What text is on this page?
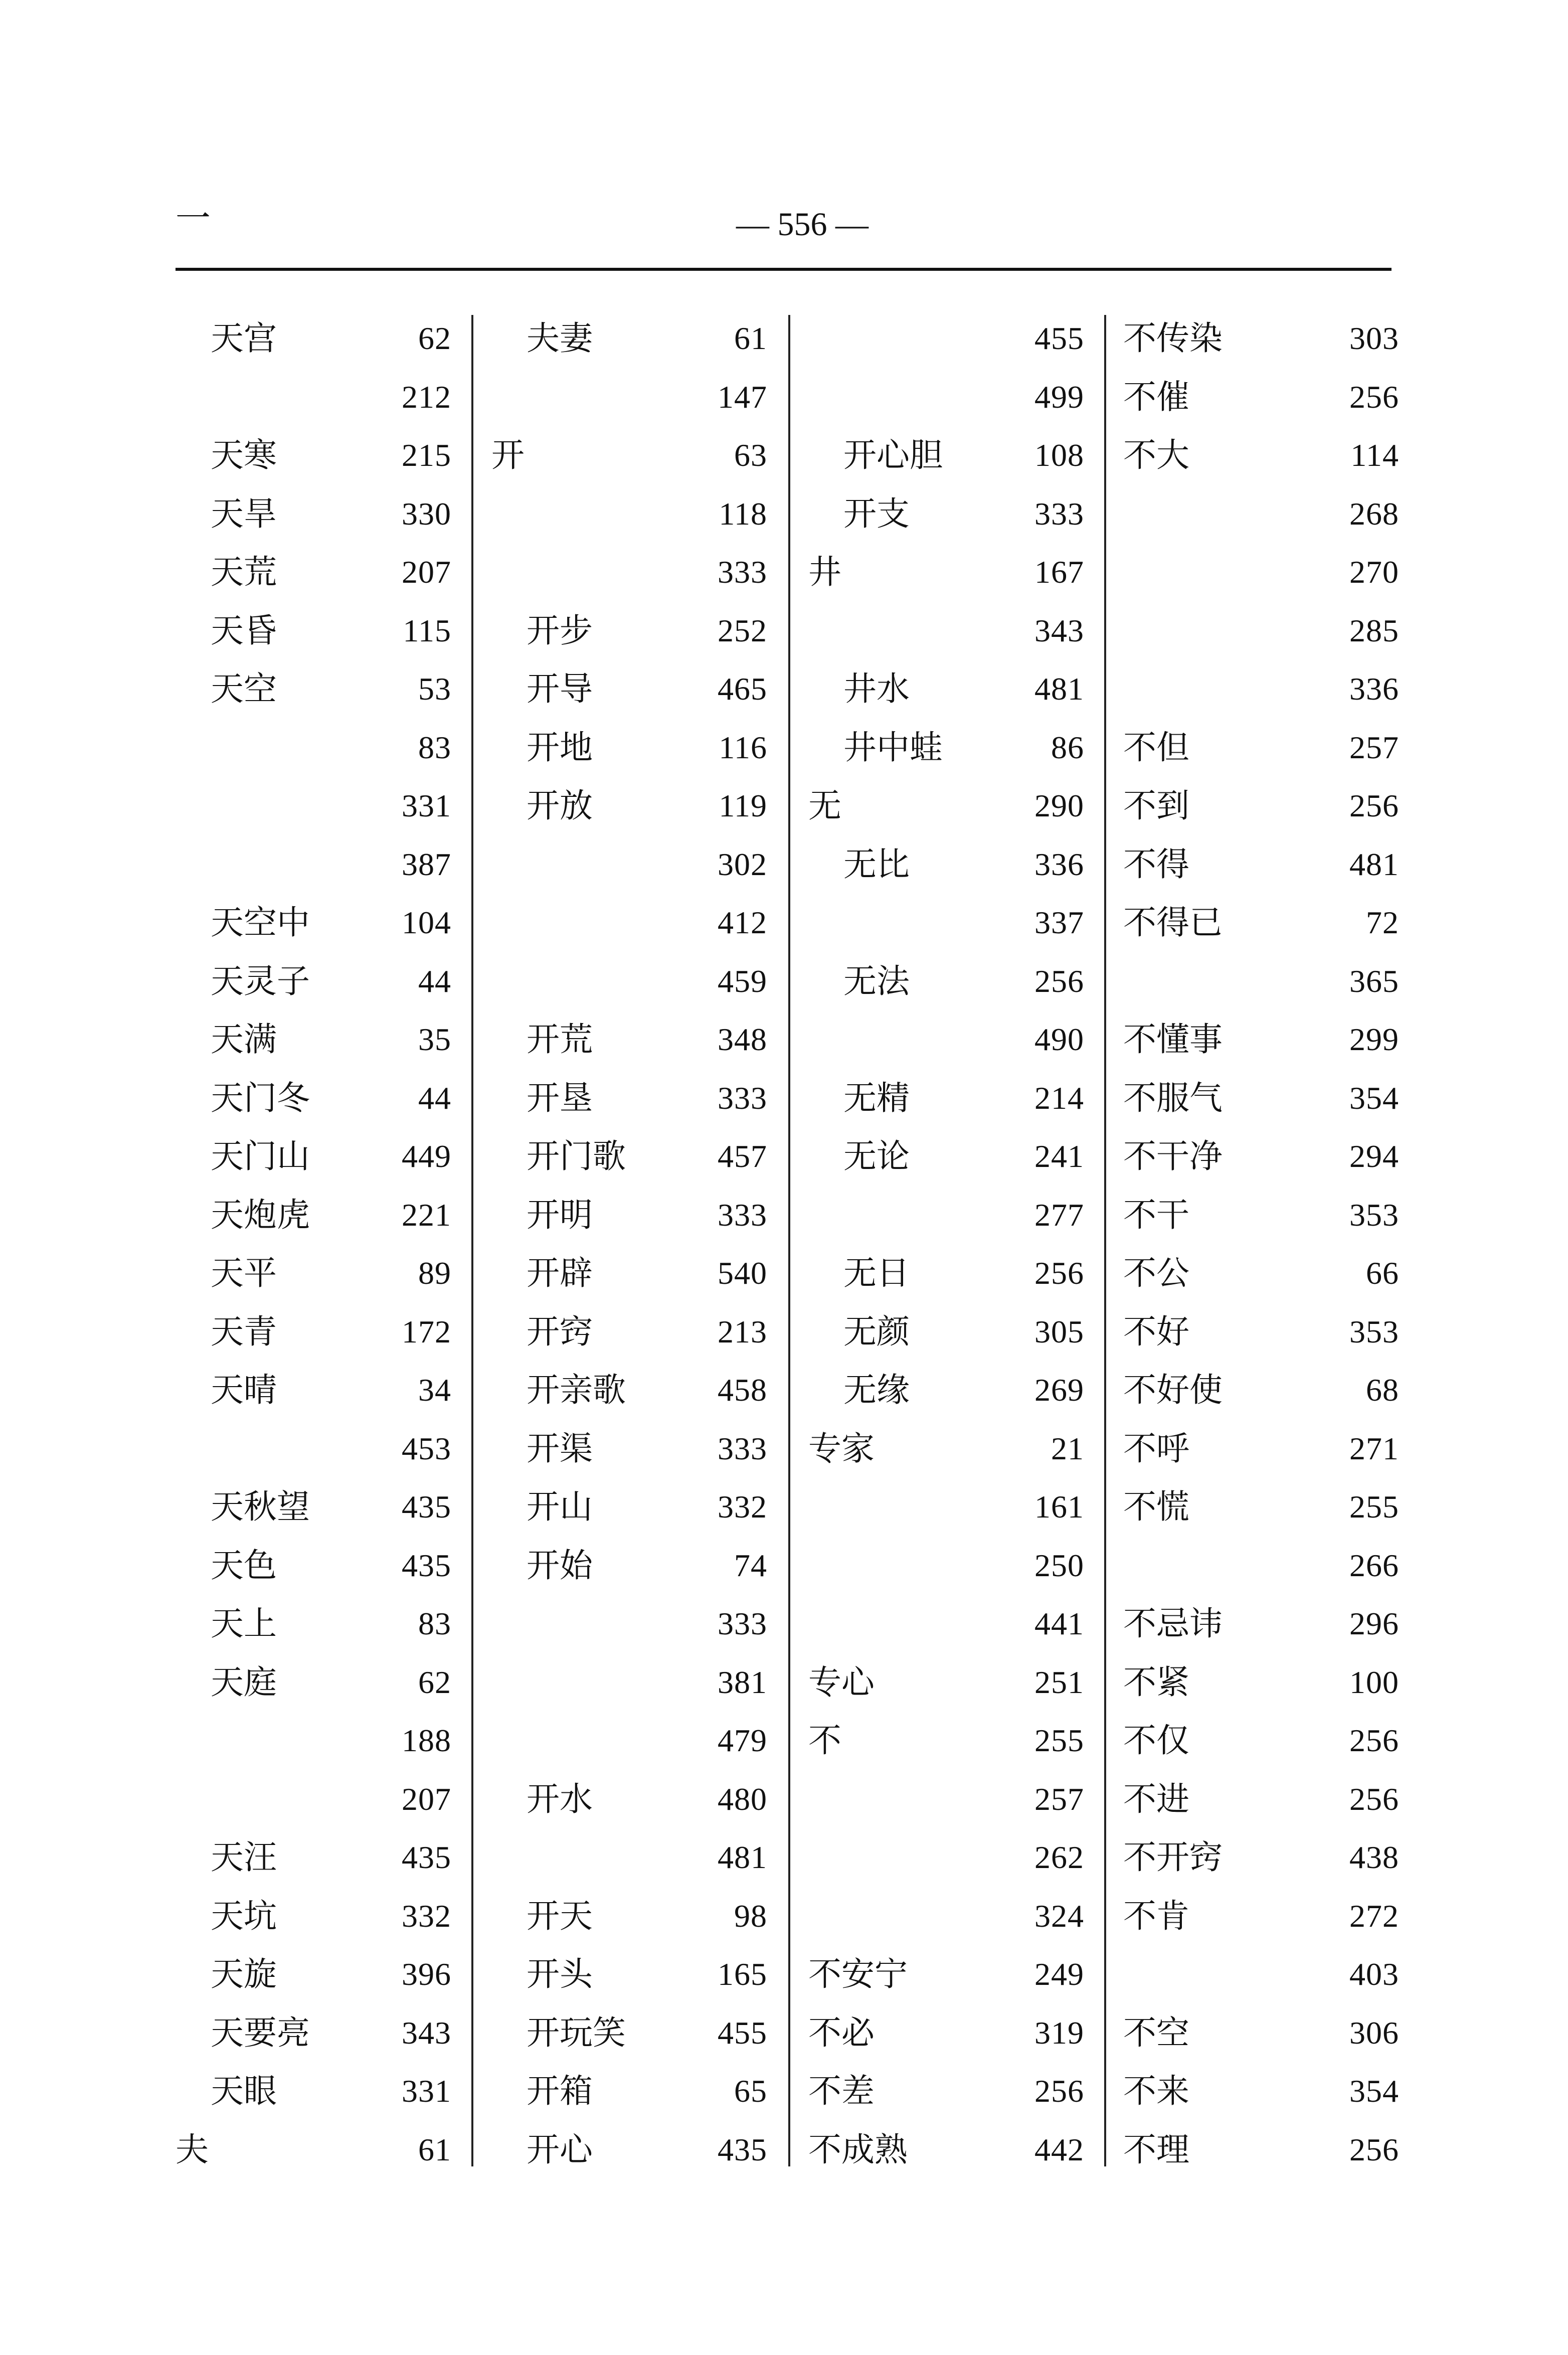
一	— 556 —
天宫	62
212
天寒	215
天旱	330
天荒	207
天昏	115
天空	53
83
331
387
天空中	104
天灵子	44
天满	35
天门冬	44
天门山	449
天炮虎	221
天平	89
天青	172
天晴	34
453
天秋望	435
天色	435
天上	83
天庭	62
188
207
天汪	435
天坑	332
天旋	396
天要亮	343
天眼	331
夫	61
夫妻	61
147
开	63
118
333
开步	252
开导	465
开地	116
开放	119
302
412
459
开荒	348
开垦	333
开门歌	457
开明	333
开辟	540
开窍	213
开亲歌	458
开渠	333
开山	332
开始	74
333
381
479
开水	480
481
开天	98
开头	165
开玩笑	455
开箱	65
开心	435
455
499
开心胆	108
开支	333
井	167
343
井水	481
井中蛙	86
无	290
无比	336
337
无法	256
490
无精	214
无论	241
277
无日	256
无颜	305
无缘	269
专家	21
161
250
441
专心	251
不	255
257
262
324
不安宁	249
不必	319
不差	256
不成熟	442
不传染	303
不催	256
不大	114
268
270
285
336
不但	257
不到	256
不得	481
不得已	72
365
不懂事	299
不服气	354
不干净	294
不干	353
不公	66
不好	353
不好使	68
不呼	271
不慌	255
266
不忌讳	296
不紧	100
不仅	256
不进	256
不开窍	438
不肯	272
403
不空	306
不来	354
不理	256
